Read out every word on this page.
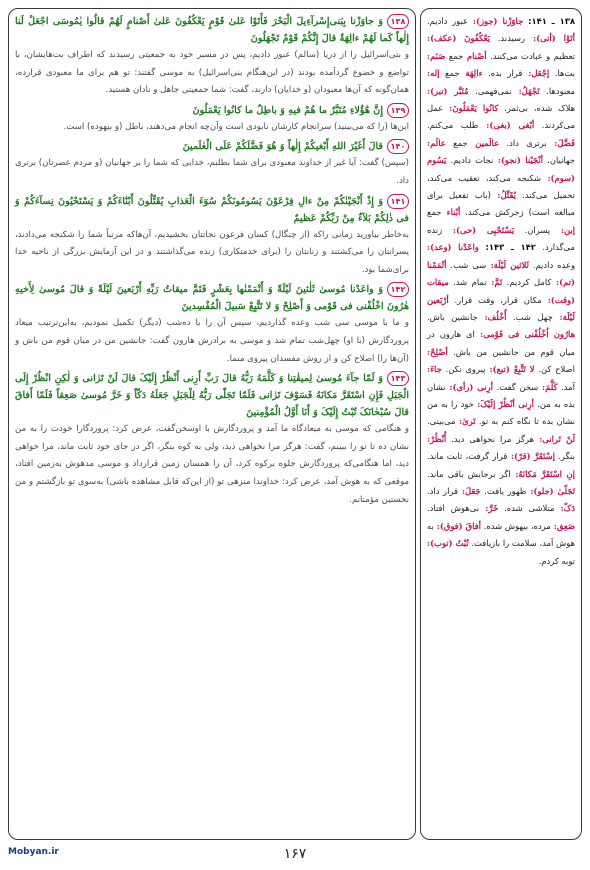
۱۳۸وَ جاوَزْنا بِبَنی‌إِسْرآءِیلَ الْبَحْرَ فَأَتَوْا عَلیٰ قَوْمٍ یَعْکُفُونَ عَلیٰ أَصْنامٍ لَهُمْ قالُوا یٰمُوسَی اجْعَلْ لَنا إِلٰهاً کَما لَهُمْ ءالِهَةٌ قالَ إِنَّکُمْ قَوْمٌ تَجْهَلُونَ

و بنی‌اسرائیل را از دریا (سالم) عبور دادیم، پس در مسیر خود به جمعیتی رسیدند که اطراف بت‌هایشان، با تواضع و خضوع گردآمده بودند (در این‌هنگام بنی‌اسرائیل) به موسی گفتند: تو هم برای ما معبودی قرارده، همان‌گونه که آن‌ها معبودان (و خدایان) دارند، گفت: شما جمعیتی جاهل و نادان هستید.

۱۳۹إِنَّ هٰٓؤُلاءِ مُتَبَّرٌ ما هُمْ فیهِ وَ باطِلٌ ما کانُوا یَعْمَلُونَ

این‌ها (را که می‌بینید) سرانجام کارشان نابودی است وآن‌چه انجام می‌دهند، باطل (و بیهوده) است.

۱۴۰قالَ أَغَیْرَ اللهِ أَبْغیکُمْ إِلٰهاً وَ هُوَ فَضَّلَکُمْ عَلَی الْعٰلَمینَ

(سپس) گفت: آیا غیر از خداوند معبودی برای شما بطلبم، خدایی که شما را بر جهانیان (و مردم عصرتان) برتری داد.

۱۴۱وَ إِذْ أَنْجَیْنٰکُمْ مِنْ ءالِ فِرْعَوْنَ یَسُومُونَکُمْ سُوٓءَ الْعَذابِ یُقَتِّلُونَ أَبْنٰٓاءَکُمْ وَ یَسْتَحْیُونَ نِسآءَکُمْ وَ فی ذٰلِکُمْ بَلآءٌ مِنْ رَبِّکُمْ عَظیمٌ

به‌خاطر بیاورید زمانی راکه (از چنگال) کسان فرعون نجاتتان بخشیدیم، آن‌هاکه مرتباً شما را شکنجه می‌دادند، پسرانتان را می‌کشتند و زنانتان را (برای خدمتکاری) زنده می‌گذاشتند و در این آزمایش بزرگی از ناحیه خدا برای‌شما بود.

۱۴۲وَ واعَدْنا مُوسیٰ ثَلٰثینَ لَیْلَةً وَ أَتْمَمْنٰها بِعَشْرٍ فَتَمَّ میقاتُ رَبِّهِ أَرْبَعینَ لَیْلَةً وَ قالَ مُوسیٰ لِأَخیهِ هٰرُونَ اخْلُفْنی فی قَوْمی وَ أَصْلِحْ وَ لا تَتَّبِعْ سَبیلَ الْمُفْسِدینَ

و ما با موسی سی شب وعده گذاردیم، سپس آن را با ده‌شب (دیگر) تکمیل نمودیم، به‌این‌ترتیب میعاد پروردگارش (با او) چهل‌شب تمام شد و موسی به برادرش هارون گفت: جانشین من در میان قوم من باش و (آن‌ها را) اصلاح کن و از روش مفسدان پیروی منما.

۱۴۳وَ لَمّا جآءَ مُوسیٰ لِمیقٰتِنا وَ کَلَّمَهُ رَبُّهُ قالَ رَبِّ أَرِنی أَنْظُرْ إِلَیْکَ قالَ لَنْ تَرٰانی وَ لٰکِنِ انْظُرْ إِلَی الْجَبَلِ فَإِنِ اسْتَقَرَّ مَکانَهُ فَسَوْفَ تَرٰانی فَلَمّا تَجَلّٰی رَبُّهُ لِلْجَبَلِ جَعَلَهُ دَکّاً وَ خَرَّ مُوسیٰ صَعِقاً فَلَمّا أَفاقَ قالَ سُبْحٰانَکَ تُبْتُ إِلَیْکَ وَ أَنَا أَوَّلُ الْمُؤْمِنینَ

و هنگامی که موسی به میعادگاه ما آمد و پروردگارش با اوسخن‌گفت، عرض کرد: پروردگارا خودت را به من نشان ده تا تو را ببینم، گفت: هرگز مرا نخواهی دید، ولی به کوه بنگر، اگر در جای خود ثابت ماند، مرا خواهی دید، اما هنگامی‌که پروردگارش جلوه برکوه کرد، آن را همسان زمین قرارداد و موسی مدهوش به‌زمین افتاد، موقعی که به هوش آمد، عرض کرد: خداوندا منزهی تو (از این‌که قابل مشاهده باشی) به‌سوی تو بازگشتم و من نخستین مؤمنانم.

۱۳۸ ـ ۱۴۱: جاوَزْنا (جوز): عبور دادیم. أتَوْا (أتی): رسیدند. یَعْکُفُونَ (عکف): تعظیم و عبادت می‌کنند. أصْنام جمع صَنَم: بت‌ها. إجْعَل: قرار بده. ءالِهَة جمع إله: معبودها. تَجْهَلُ: نمی‌فهمی. مُتَبَّر (تبر): هلاک شده، بی‌ثمر. کانُوا یَعْمَلُونَ: عمل می‌کردند. أبْغی (بغی): طلب می‌کنم. فَضَّلَ: برتری داد. عالَمین جمع عالَم: جهانیان. أنْجَیْنا (نجو): نجات دادیم. یَسُوم (سوم): شکنجه می‌کند، تعقیب می‌کند، تحمیل می‌کند. یُقَتِّلُ: (باب تفعیل برای مبالغه است) زجرکش می‌کند. أبْناء جمع إبن: پسران. یَسْتَحْیِی (حی): زنده می‌گذارد. ۱۴۲ ـ ۱۴۳: واعَدْنا (وعد): وعده دادیم. ثَلاثین لَیْلَة: سی شب. أتْمَمْنا (تم): کامل کردیم. تَمَّ: تمام شد. میقات (وقت): مکان قرار، وقت قرار. أرْبَعین لَیْلَة: چهل شب. أُخْلُف: جانشین باش. هارُون اُخْلُفْنی فی قَوْمی: ای هارون در میان قوم من جانشین من باش. أصْلِحْ: اصلاح کن. لا تَتَّبِعْ (تبع): پیروی نکن. جاءَ: آمد. کَلَّمَ: سخن گفت. أرِنی (رأی): نشان بده به من. أرِنی أنْظُرْ إلَیْکَ: خود را به من نشان بده تا نگاه کنم به تو. تَریٰ: می‌بینی. لَنْ تَرانی: هرگز مرا نخواهی دید. أُنْظُرْ: بنگر. إسْتَقَرَّ (قرّ): قرار گرفت، ثابت ماند. إنِ اسْتَقَرَّ مَکانَهُ: اگر برجایش باقی ماند. تَجَلّیٰ (جلو): ظهور یافت. جَعَلَ: قرار داد. دَکّ: متلاشی شده. خَرَّ: بی‌هوش افتاد. صَعِق: مرده، بیهوش شده. أفاقَ (فوق): به هوش آمد، سلامت را بازیافت. تُبْتُ (توب): توبه کردم.

Mobyan.ir	۱۶۷
